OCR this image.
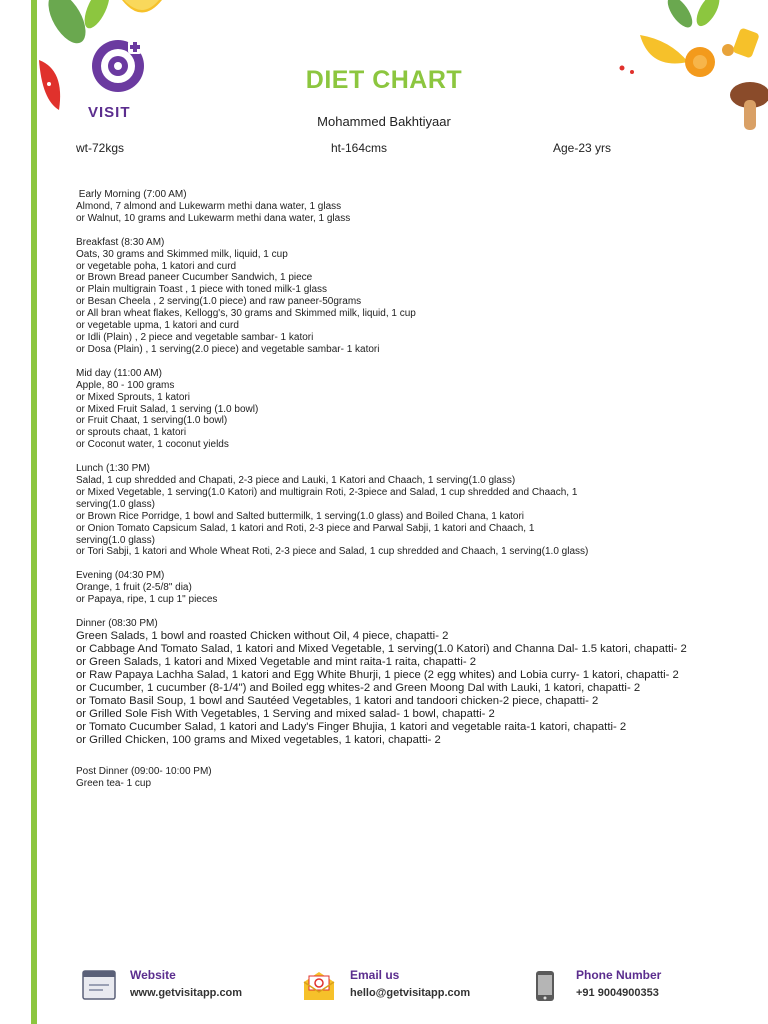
VISIT
DIET CHART
Mohammed Bakhtiyaar
wt-72kgs	ht-164cms	Age-23 yrs
Early Morning (7:00 AM)
Almond, 7 almond and Lukewarm methi dana water, 1 glass
or Walnut, 10 grams and Lukewarm methi dana water, 1 glass
Breakfast (8:30 AM)
Oats, 30 grams and Skimmed milk, liquid, 1 cup
or vegetable poha, 1 katori and curd
or Brown Bread paneer Cucumber Sandwich, 1 piece
or Plain multigrain Toast , 1 piece with toned milk-1 glass
or Besan Cheela , 2 serving(1.0 piece) and raw paneer-50grams
or All bran wheat flakes, Kellogg's, 30 grams and Skimmed milk, liquid, 1 cup
or vegetable upma, 1 katori and curd
or Idli (Plain) , 2 piece and vegetable sambar- 1 katori
or Dosa (Plain) , 1 serving(2.0 piece) and vegetable sambar- 1 katori
Mid day (11:00 AM)
Apple, 80 - 100 grams
or Mixed Sprouts, 1 katori
or Mixed Fruit Salad, 1 serving (1.0 bowl)
or Fruit Chaat, 1 serving(1.0 bowl)
or sprouts chaat, 1 katori
or Coconut water, 1 coconut yields
Lunch (1:30 PM)
Salad, 1 cup shredded and Chapati, 2-3 piece and Lauki, 1 Katori and Chaach, 1 serving(1.0 glass)
or Mixed Vegetable, 1 serving(1.0 Katori) and multigrain Roti, 2-3piece and Salad, 1 cup shredded and Chaach, 1
serving(1.0 glass)
or Brown Rice Porridge, 1 bowl and Salted buttermilk, 1 serving(1.0 glass) and Boiled Chana, 1 katori
or Onion Tomato Capsicum Salad, 1 katori and Roti, 2-3 piece and Parwal Sabji, 1 katori and Chaach, 1
serving(1.0 glass)
or Tori Sabji, 1 katori and Whole Wheat Roti, 2-3 piece and Salad, 1 cup shredded and Chaach, 1 serving(1.0 glass)
Evening (04:30 PM)
Orange, 1 fruit (2-5/8" dia)
or Papaya, ripe, 1 cup 1" pieces
Dinner (08:30 PM)
Green Salads, 1 bowl and roasted Chicken without Oil, 4 piece, chapatti- 2
or Cabbage And Tomato Salad, 1 katori and Mixed Vegetable, 1 serving(1.0 Katori) and Channa Dal- 1.5 katori, chapatti- 2
or Green Salads, 1 katori and Mixed Vegetable and mint raita-1 raita, chapatti- 2
or Raw Papaya Lachha Salad, 1 katori and Egg White Bhurji, 1 piece (2 egg whites) and Lobia curry- 1 katori, chapatti- 2
or Cucumber, 1 cucumber (8-1/4") and Boiled egg whites-2 and Green Moong Dal with Lauki, 1 katori, chapatti- 2
or Tomato Basil Soup, 1 bowl and Sautéed Vegetables, 1 katori and tandoori chicken-2 piece, chapatti- 2
or Grilled Sole Fish With Vegetables, 1 Serving and mixed salad- 1 bowl, chapatti- 2
or Tomato Cucumber Salad, 1 katori and Lady's Finger Bhujia, 1 katori and vegetable raita-1 katori, chapatti- 2
or Grilled Chicken, 100 grams and Mixed vegetables, 1 katori, chapatti- 2
Post Dinner (09:00- 10:00 PM)
Green tea- 1 cup
Website
www.getvisitapp.com
Email us
hello@getvisitapp.com
Phone Number
+91 9004900353
